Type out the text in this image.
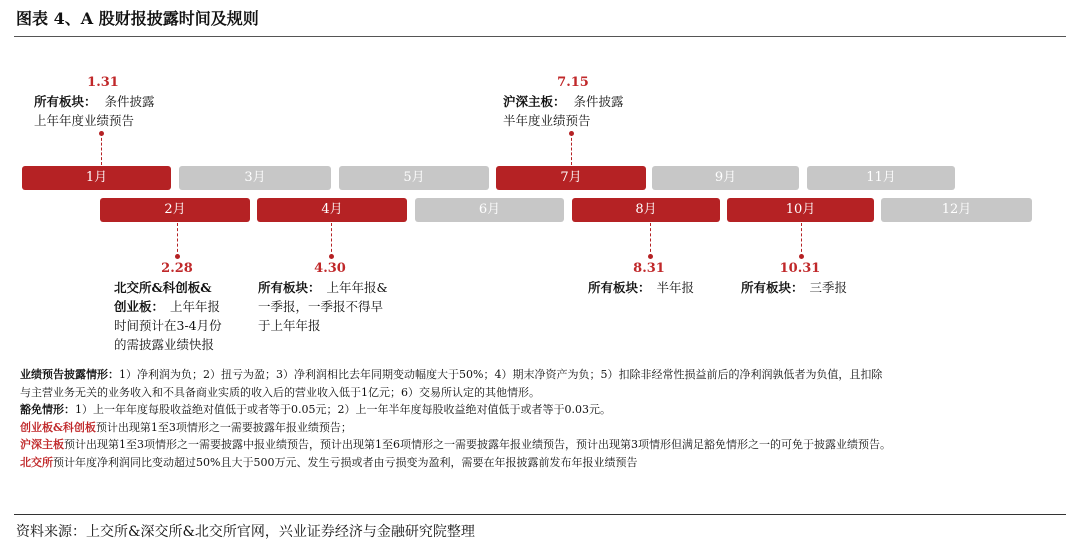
图表 4、A 股财报披露时间及规则
1月	3月	5月	7月	9月	11月
2月	4月	6月	8月	10月	12月
1.31
所有板块： 条件披露
上年年度业绩预告
7.15
沪深主板： 条件披露
半年度业绩预告
2.28
北交所&科创板&
创业板： 上年年报
时间预计在3-4月份
的需披露业绩快报
4.30
所有板块： 上年年报&
一季报，一季报不得早
于上年年报
8.31
所有板块： 半年报
10.31
所有板块： 三季报

业绩预告披露情形：1）净利润为负；2）扭亏为盈；3）净利润相比去年同期变动幅度大于50%；4）期末净资产为负；5）扣除非经常性损益前后的净利润孰低者为负值，且扣除

与主营业务无关的业务收入和不具备商业实质的收入后的营业收入低于1亿元；6）交易所认定的其他情形。

豁免情形：1）上一年年度每股收益绝对值低于或者等于0.05元；2）上一年半年度每股收益绝对值低于或者等于0.03元。

创业板&科创板预计出现第1至3项情形之一需要披露年报业绩预告；

沪深主板预计出现第1至3项情形之一需要披露中报业绩预告，预计出现第1至6项情形之一需要披露年报业绩预告，预计出现第3项情形但满足豁免情形之一的可免于披露业绩预告。

北交所预计年度净利润同比变动超过50%且大于500万元、发生亏损或者由亏损变为盈利，需要在年报披露前发布年报业绩预告

资料来源：上交所&深交所&北交所官网，兴业证券经济与金融研究院整理
